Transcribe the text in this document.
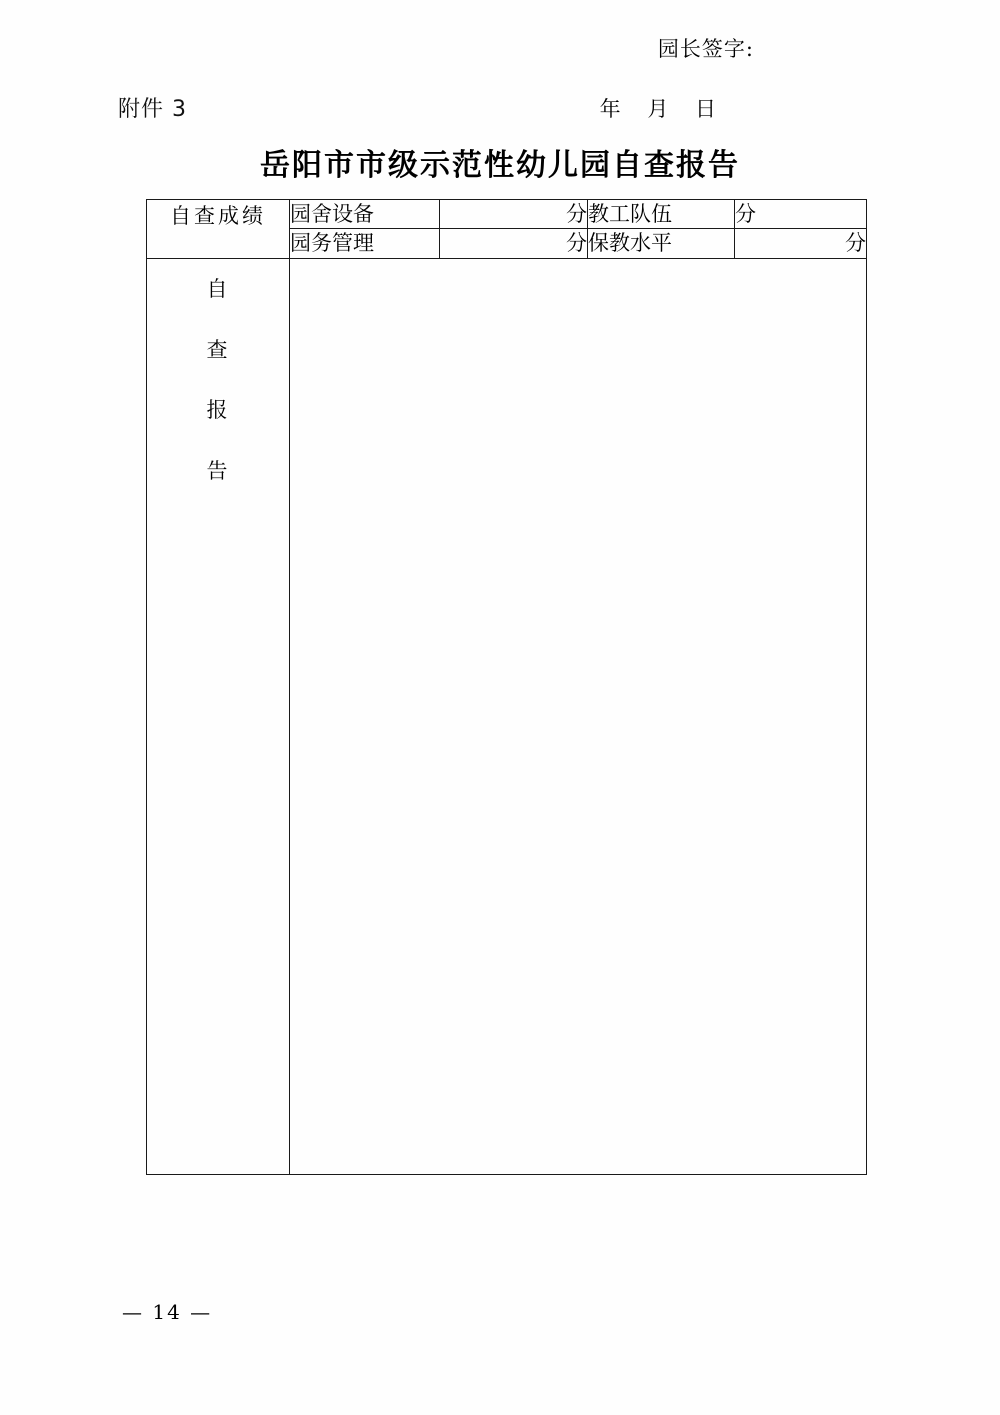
附件 3
岳阳市市级示范性幼儿园自查报告
自查成绩	园舍设备	分	教工队伍	分
	园务管理	分	保教水平	分

自
查
报
告

园长签字:
年 月 日
— 14 —
